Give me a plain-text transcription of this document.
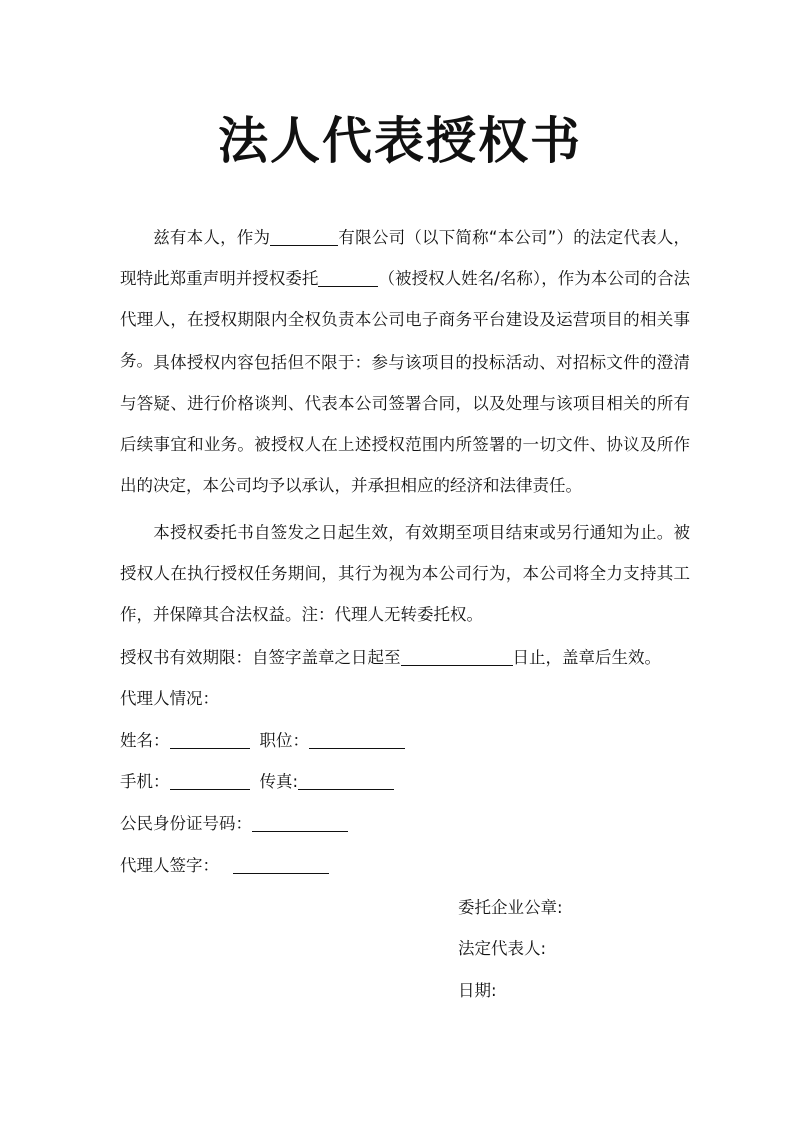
法人代表授权书
兹有本人，作为	有限公司（以下简称“本公司”）的法定代表人，现特此郑重声明并授权委托	（被授权人姓名/名称），作为本公司的合法代理人，在授权期限内全权负责本公司电子商务平台建设及运营项目的相关事务。 具体授权内容包括但不限于：参与该项目的投标活动、对招标文件的澄清与答疑、进行价格谈判、代表本公司签署合同，以及处理与该项目相关的所有后续事宜和业务。被授权人在上述授权范围内所签署的一切文件、协议及所作出的决定，本公司均予以承认，并承担相应的经济和法律责任。
本授权委托书自签发之日起生效，有效期至项目结束或另行通知为止。被授权人在执行授权任务期间，其行为视为本公司行为，本公司将全力支持其工作，并保障其合法权益。注：代理人无转委托权。
授权书有效期限：自签字盖章之日起至	日止，盖章后生效。
代理人情况：
姓名：	职位：
手机：	传真:
公民身份证号码：
代理人签字：
委托企业公章:
法定代表人:
日期:
